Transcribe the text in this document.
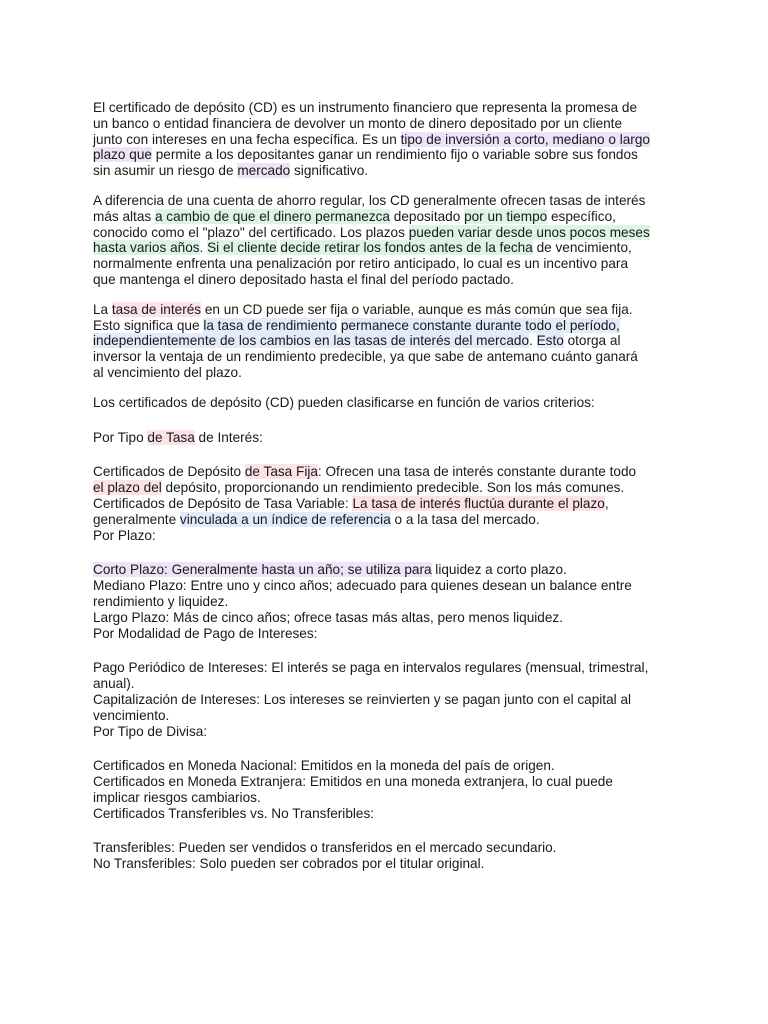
El certificado de depósito (CD) es un instrumento financiero que representa la promesa de
un banco o entidad financiera de devolver un monto de dinero depositado por un cliente
junto con intereses en una fecha específica. Es un tipo de inversión a corto, mediano o largo
plazo que permite a los depositantes ganar un rendimiento fijo o variable sobre sus fondos
sin asumir un riesgo de mercado significativo.
A diferencia de una cuenta de ahorro regular, los CD generalmente ofrecen tasas de interés
más altas a cambio de que el dinero permanezca depositado por un tiempo específico,
conocido como el "plazo" del certificado. Los plazos pueden variar desde unos pocos meses
hasta varios años. Si el cliente decide retirar los fondos antes de la fecha de vencimiento,
normalmente enfrenta una penalización por retiro anticipado, lo cual es un incentivo para
que mantenga el dinero depositado hasta el final del período pactado.
La tasa de interés en un CD puede ser fija o variable, aunque es más común que sea fija.
Esto significa que la tasa de rendimiento permanece constante durante todo el período,
independientemente de los cambios en las tasas de interés del mercado. Esto otorga al
inversor la ventaja de un rendimiento predecible, ya que sabe de antemano cuánto ganará
al vencimiento del plazo.
Los certificados de depósito (CD) pueden clasificarse en función de varios criterios:
Por Tipo de Tasa de Interés:
Certificados de Depósito de Tasa Fija: Ofrecen una tasa de interés constante durante todo
el plazo del depósito, proporcionando un rendimiento predecible. Son los más comunes.
Certificados de Depósito de Tasa Variable: La tasa de interés fluctúa durante el plazo,
generalmente vinculada a un índice de referencia o a la tasa del mercado.
Por Plazo:
Corto Plazo: Generalmente hasta un año; se utiliza para liquidez a corto plazo.
Mediano Plazo: Entre uno y cinco años; adecuado para quienes desean un balance entre
rendimiento y liquidez.
Largo Plazo: Más de cinco años; ofrece tasas más altas, pero menos liquidez.
Por Modalidad de Pago de Intereses:
Pago Periódico de Intereses: El interés se paga en intervalos regulares (mensual, trimestral,
anual).
Capitalización de Intereses: Los intereses se reinvierten y se pagan junto con el capital al
vencimiento.
Por Tipo de Divisa:
Certificados en Moneda Nacional: Emitidos en la moneda del país de origen.
Certificados en Moneda Extranjera: Emitidos en una moneda extranjera, lo cual puede
implicar riesgos cambiarios.
Certificados Transferibles vs. No Transferibles:
Transferibles: Pueden ser vendidos o transferidos en el mercado secundario.
No Transferibles: Solo pueden ser cobrados por el titular original.
